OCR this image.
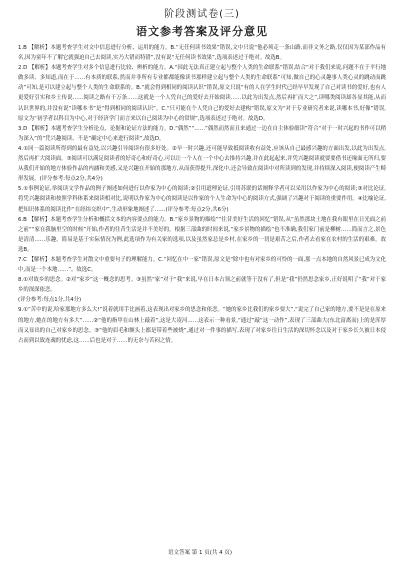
阶段测试卷(三)
语文参考答案及评分意见

1.B 【解析】本题考查学生对文中信息进行分析、运用的能力。B.“无任何读书效果”错误,文中只说“他必须走一条山路,而非文务之路,仅仅因为某部作品有名,因为童年不了解它就强迫自己去阅读,实乃大错而特错”,没有说“无任何读书效果”,选项表述过于绝对。故选B。

2.D 【解析】本题考查学生对多个信息进行比较、辨析的能力。A.“因此无法真正建立起与整个人类的生命联系”错误,结合“对于我们来说,问题不在于平行地做多读、多知道,而在于……有本质的联系,然而并非所有专业都都能像读书那样建立起与整个人类的生命联系”可知,做自己的心灵趣事人类心灵的跳动而跳动”可知,是可以建立起与整个人类的生命联系的。B.“就会得到相同的阅读认识”错误,原文只说“有的人在学生时代已经早早发现了自己对读书的爱好,也有人更爱好引实和乡土传说……阅读之路有千万条……这就是一个人凭自己的爱好去开始阅读……以此为出发点,然后再扩而大之”,读哪类阅读却各显其能,从而认识世界的,并没有说“读哪本书”是“得到相同的阅读认识”。C.“只可能在个人凭自己的爱好去建构”错误,原文为“对于专业研究者来说,读哪本书,好像”错误,原文为“初学者以科目为中心,对于经济学门而言来以自己阅读为中心的常规”,选项表述过于绝对。故选D。

3.D 【解析】本题考查学生分析论点、论据和论证方法的能力。D.“偶然”“……”偶然而然而且来通过一边在自主体验细读”符合“对于一时兴起的书作可以稍为深入”的“凭兴趣阅读、不是”确定中心来进行阅读”,故选D。

4.①同一篇阅读所得到的最有益处,以兴趣引导阅读有很多好处。②早一时兴趣,还可能导致抵阅读收有益处,应该从自己最感兴趣的方面出发,以此为出发点,然后再扩大阅读面。③阅读可以满足阅读者的好奇心和好奇心,可以让一个人在一个中心去推持兴趣,并在此起起来,并凭兴趣阅读就要要借书还缘面无所归,要从我们开始的地方体验作品的内涵和美感,又是兴趣在开始的那地方,从而获得提升,深化中,还会导致在阅读中对所读到的发现,并持续深入阅读,便阅读产生畸形发展。(评分参考:每点2分,共4分)

5.①事例论证,举阅读文学作品的例子阐述如何进行以作家为中心的阅读;②引用道理论证,引用苏联的话阐释学者可以采用以作家为中心的阅读;③对比论证,将凭兴趣阅读和按照学科体系来阅读相对比,说明以作家为中心的阅读是以作家的个人生命为中心的阅读方式,强调了兴趣对于阅读的重要作用。④比喻论证,把知识体系的阅读比作“在经纬交织中”,生动形象地阐述了……(评分参考:每点2分,共6分)

6.B 【解析】本题考查学生分析和概括文本的内容要点的能力。B.“家乡景物的描绘”“往昔美好生活的回忆”错误,从“虽然那块土地在我有眼里在日光面之前之前”“家在我脑里空的时候”开始,作者的往昔生活是并不美好的。根据三部曲的时间来说,“家乡景物的描绘”也不准确,我们家门前是柳树……简而言之,景色是清清……乐趣。简易是基于实际情况为例,此选项作为有关家的选项,以及虽然家总是乡村,在家乡的一切是艰苦之后,作者去看家在农村的生活的艰难。故选B。

7.C 【解析】本题考查学生对散文中重要句子的理解能力。C.“回忆在中一家”错误,原文是“除中也有对家乡的可怜的一面,那一点本地的自然风景已成为文化中,而是一个本地……”。故选C。

8.①对故乡的思念。②对“家乡”这一概念的思考。③虽然“家”对于“我”来说,早在日本占领之前就等于没有了,但是“我”仍然思念家乡,正好说明了“我”对于家乡的深深依恋。

(评分参考:每点1分,共4分)

9.①“苦中的说,哈家那地方多么大!”说着就用手比画着,这表现出对家乡的思念和依恋。“她的家乡比我们的家乡要大”,“说完了自己家的地方,要不是是在原来的地方,她在的地方有多大”……②“他的指甲在山林上敲着”,这是大凌河……这表示一种看景,“通过”敲“这一动作”,表现了三部曲大(东北富离而)上的是浑厚而又显出的自己对家乡的思念。③“他的眉毛和额头上都是带着些被烧”,通过对一件事的描写,表现了对家乡往日生活的深切怀念以及对于家乡长久被日本侵占而到以致连魂的忧虑,这……后也是对于……的无奈与苦闷之情。

语文答案 第 1 页(共 4 页)
